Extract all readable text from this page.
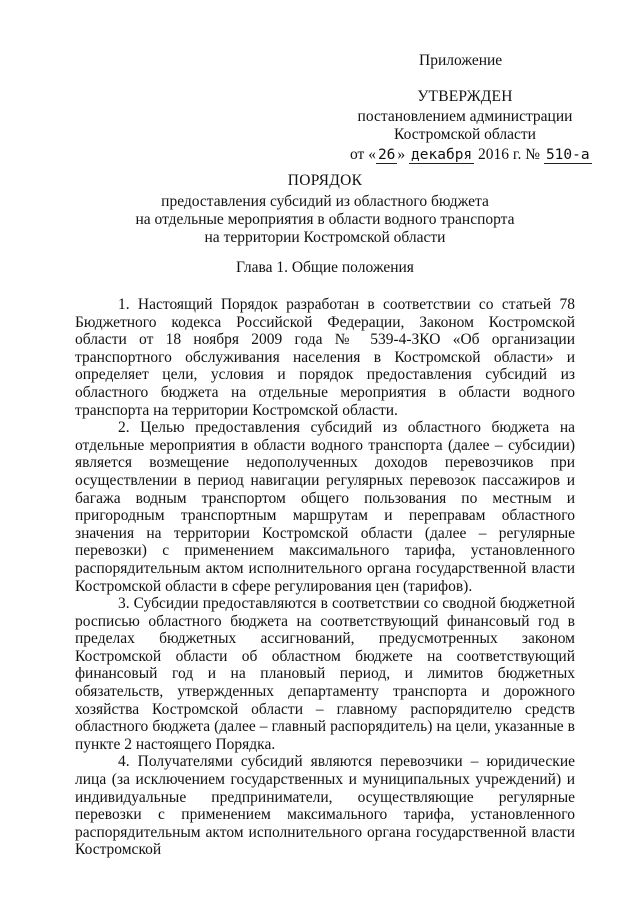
Приложение
УТВЕРЖДЕН
постановлением администрации
Костромской области
от « 26 » декабря 2016 г. № 510-а
ПОРЯДОК
предоставления субсидий из областного бюджета
на отдельные мероприятия в области водного транспорта
на территории Костромской области
Глава 1. Общие положения

1. Настоящий Порядок разработан в соответствии со статьей 78 Бюджетного кодекса Российской Федерации, Законом Костромской области от 18 ноября 2009 года № 539-4-ЗКО «Об организации транспортного обслуживания населения в Костромской области» и определяет цели, условия и порядок предоставления субсидий из областного бюджета на отдельные мероприятия в области водного транспорта на территории Костромской области.

2. Целью предоставления субсидий из областного бюджета на отдельные мероприятия в области водного транспорта (далее – субсидии) является возмещение недополученных доходов перевозчиков при осуществлении в период навигации регулярных перевозок пассажиров и багажа водным транспортом общего пользования по местным и пригородным транспортным маршрутам и переправам областного значения на территории Костромской области (далее – регулярные перевозки) с применением максимального тарифа, установленного распорядительным актом исполнительного органа государственной власти Костромской области в сфере регулирования цен (тарифов).

3. Субсидии предоставляются в соответствии со сводной бюджетной росписью областного бюджета на соответствующий финансовый год в пределах бюджетных ассигнований, предусмотренных законом Костромской области об областном бюджете на соответствующий финансовый год и на плановый период, и лимитов бюджетных обязательств, утвержденных департаменту транспорта и дорожного хозяйства Костромской области – главному распорядителю средств областного бюджета (далее – главный распорядитель) на цели, указанные в пункте 2 настоящего Порядка.

4. Получателями субсидий являются перевозчики – юридические лица (за исключением государственных и муниципальных учреждений) и индивидуальные предприниматели, осуществляющие регулярные перевозки с применением максимального тарифа, установленного распорядительным актом исполнительного органа государственной власти Костромской
